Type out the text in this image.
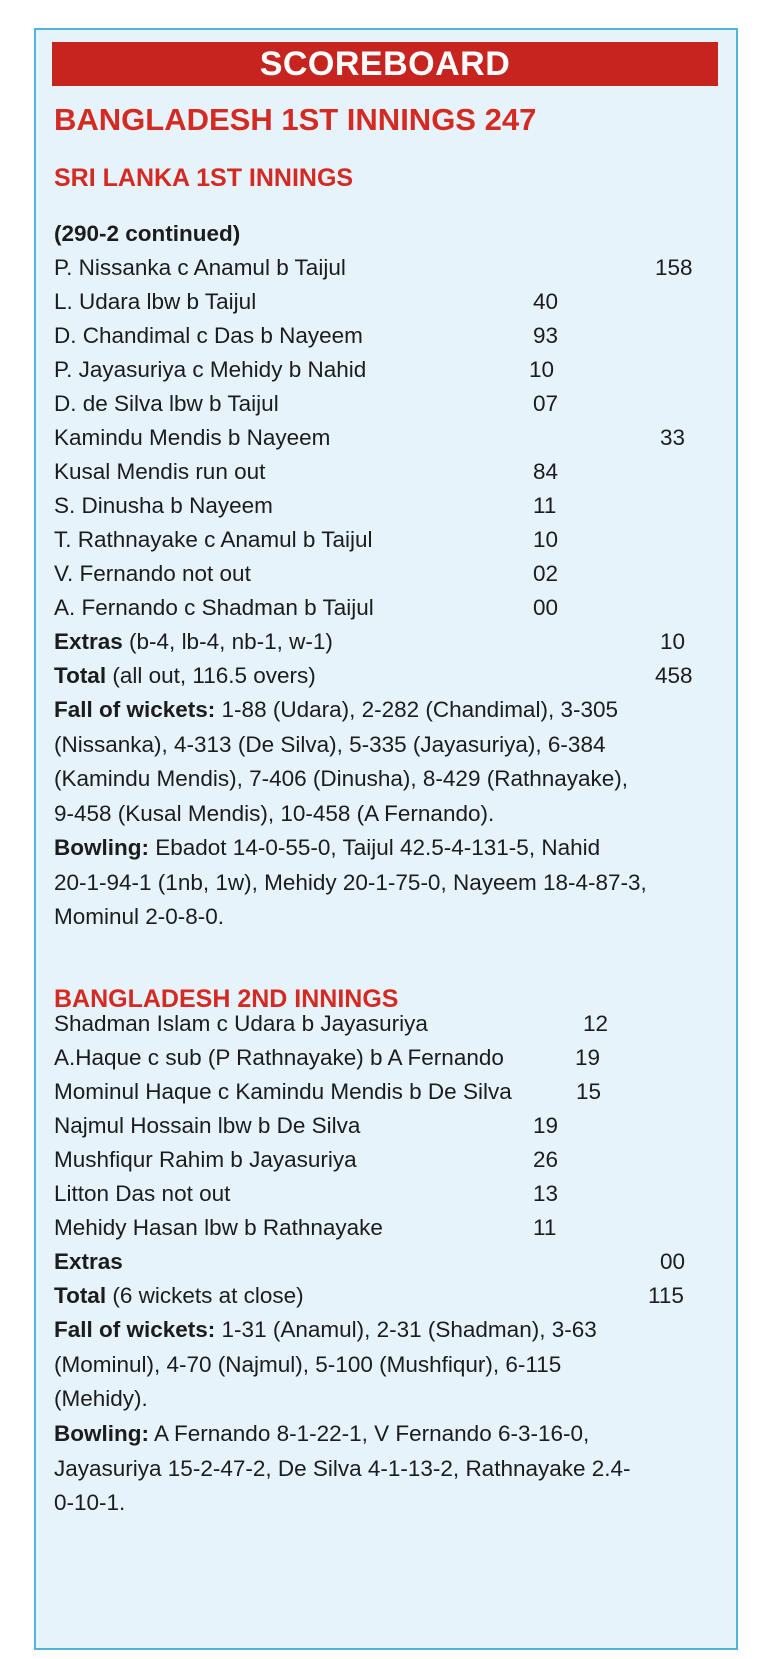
SCOREBOARD
BANGLADESH 1ST INNINGS 247
SRI LANKA 1ST INNINGS
(290-2 continued)
P. Nissanka c Anamul b Taijul	158
L. Udara lbw b Taijul	40
D. Chandimal c Das b Nayeem	93
P. Jayasuriya c Mehidy b Nahid	10
D. de Silva lbw b Taijul	07
Kamindu Mendis b Nayeem	33
Kusal Mendis run out	84
S. Dinusha b Nayeem	11
T. Rathnayake c Anamul b Taijul	10
V. Fernando not out	02
A. Fernando c Shadman b Taijul	00
Extras (b-4, lb-4, nb-1, w-1)	10
Total (all out, 116.5 overs)	458
Fall of wickets: 1-88 (Udara), 2-282 (Chandimal), 3-305
(Nissanka), 4-313 (De Silva), 5-335 (Jayasuriya), 6-384
(Kamindu Mendis), 7-406 (Dinusha), 8-429 (Rathnayake),
9-458 (Kusal Mendis), 10-458 (A Fernando).
Bowling: Ebadot 14-0-55-0, Taijul 42.5-4-131-5, Nahid
20-1-94-1 (1nb, 1w), Mehidy 20-1-75-0, Nayeem 18-4-87-3,
Mominul 2-0-8-0.
Shadman Islam c Udara b Jayasuriya	12
BANGLADESH 2ND INNINGS
A.Haque c sub (P Rathnayake) b A Fernando	19
Mominul Haque c Kamindu Mendis b De Silva	15
Najmul Hossain lbw b De Silva	19
Mushfiqur Rahim b Jayasuriya	26
Litton Das not out	13
Mehidy Hasan lbw b Rathnayake	11
Extras	00
Total (6 wickets at close)	115
Fall of wickets: 1-31 (Anamul), 2-31 (Shadman), 3-63
(Mominul), 4-70 (Najmul), 5-100 (Mushfiqur), 6-115
(Mehidy).
Bowling: A Fernando 8-1-22-1, V Fernando 6-3-16-0,
Jayasuriya 15-2-47-2, De Silva 4-1-13-2, Rathnayake 2.4-
0-10-1.
